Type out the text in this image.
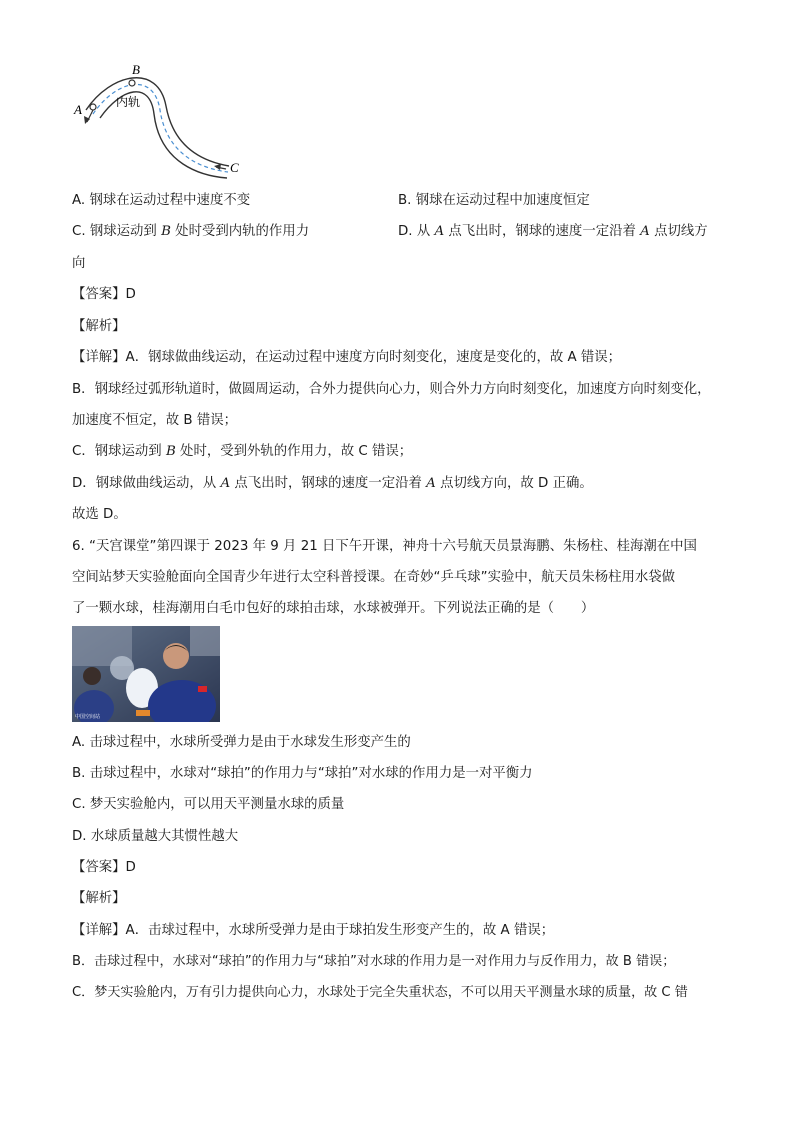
A
B
C
内轨
A. 钢球在运动过程中速度不变	B. 钢球在运动过程中加速度恒定
C. 钢球运动到 B 处时受到内轨的作用力	D. 从 A 点飞出时，钢球的速度一定沿着 A 点切线方
向
【答案】D
【解析】
【详解】A．钢球做曲线运动，在运动过程中速度方向时刻变化，速度是变化的，故 A 错误；
B．钢球经过弧形轨道时，做圆周运动，合外力提供向心力，则合外力方向时刻变化，加速度方向时刻变化，
加速度不恒定，故 B 错误；
C．钢球运动到 B 处时，受到外轨的作用力，故 C 错误；
D．钢球做曲线运动，从 A 点飞出时，钢球的速度一定沿着 A 点切线方向，故 D 正确。
故选 D。
6. “天宫课堂”第四课于 2023 年 9 月 21 日下午开课，神舟十六号航天员景海鹏、朱杨柱、桂海潮在中国
空间站梦天实验舱面向全国青少年进行太空科普授课。在奇妙“乒乓球”实验中，航天员朱杨柱用水袋做
了一颗水球，桂海潮用白毛巾包好的球拍击球，水球被弹开。下列说法正确的是（　　）
中国空间站
A. 击球过程中，水球所受弹力是由于水球发生形变产生的
B. 击球过程中，水球对“球拍”的作用力与“球拍”对水球的作用力是一对平衡力
C. 梦天实验舱内，可以用天平测量水球的质量
D. 水球质量越大其惯性越大
【答案】D
【解析】
【详解】A．击球过程中，水球所受弹力是由于球拍发生形变产生的，故 A 错误；
B．击球过程中，水球对“球拍”的作用力与“球拍”对水球的作用力是一对作用力与反作用力，故 B 错误；
C．梦天实验舱内，万有引力提供向心力，水球处于完全失重状态，不可以用天平测量水球的质量，故 C 错
